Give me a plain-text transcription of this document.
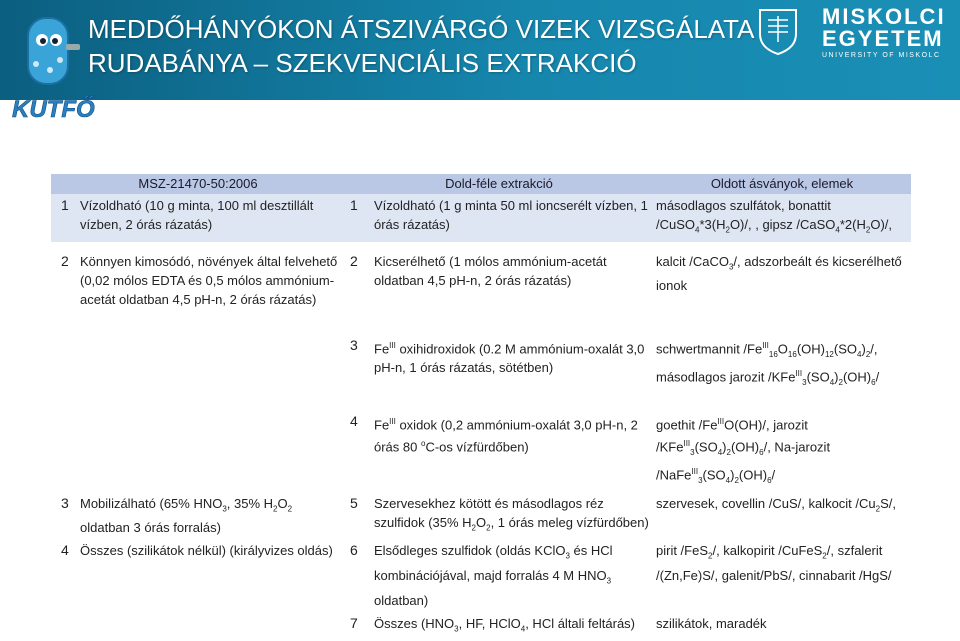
MEDDŐHÁNYÓKON ÁTSZIVÁRGÓ VIZEK VIZSGÁLATA
RUDABÁNYA – SZEKVENCIÁLIS EXTRAKCIÓ
MISKOLCI EGYETEM
UNIVERSITY OF MISKOLC
KUTFŐ
MSZ-21470-50:2006		Dold-féle extrakció		Oldott ásványok, elemek
1	Vízoldható (10 g minta, 100 ml desztillált vízben, 2 órás rázatás)	1	Vízoldható (1 g minta 50 ml ioncserélt vízben, 1 órás rázatás)	másodlagos szulfátok, bonattit $/CuSO_4*3(H_2O)/$, , gipsz $/CaSO_4*2(H_2O)/$,

2	Könnyen kimosódó, növények által felvehető (0,02 mólos EDTA és 0,5 mólos ammónium-acetát oldatban 4,5 pH-n, 2 órás rázatás)	2	Kicserélhető (1 mólos ammónium-acetát oldatban 4,5 pH-n, 2 órás rázatás)	kalcit /CaCO$_3$/, adszorbeált és kicserélhető ionok
		3	$Fe^{III}$ oxihidroxidok (0.2 M ammónium-oxalát 3,0 pH-n, 1 órás rázatás, sötétben)	schwertmannit $/Fe^{III}_{16}O_{16}(OH)_{12}(SO_4)_2/$, másodlagos jarozit $/KFe^{III}_3(SO_4)_2(OH)_6/$
		4	$Fe^{III}$ oxidok (0,2 ammónium-oxalát 3,0 pH-n, 2 órás 80 $^o$C-os vízfürdőben)	goethit $/Fe^{III}O(OH)/$, jarozit $/KFe^{III}_3(SO_4)_2(OH)_6/$, Na-jarozit $/NaFe^{III}_3(SO_4)_2(OH)_6/$
3	Mobilizálható (65% $HNO_3$, 35% $H_2O_2$ oldatban 3 órás forralás)	5	Szervesekhez kötött és másodlagos réz szulfidok (35% $H_2O_2$, 1 órás meleg vízfürdőben)	szervesek, covellin /CuS/, kalkocit $/Cu_2S/$,
4	Összes (szilikátok nélkül) (királyvizes oldás)	6	Elsődleges szulfidok (oldás KClO$_3$ és HCl kombinációjával, majd forralás 4 M $HNO_3$ oldatban)	pirit /FeS$_2$/, kalkopirit /CuFeS$_2$/, szfalerit /(Zn,Fe)S/, galenit/PbS/, cinnabarit /HgS/
		7	Összes ($HNO_3$, HF, HClO$_4$, HCl általi feltárás)	szilikátok, maradék
